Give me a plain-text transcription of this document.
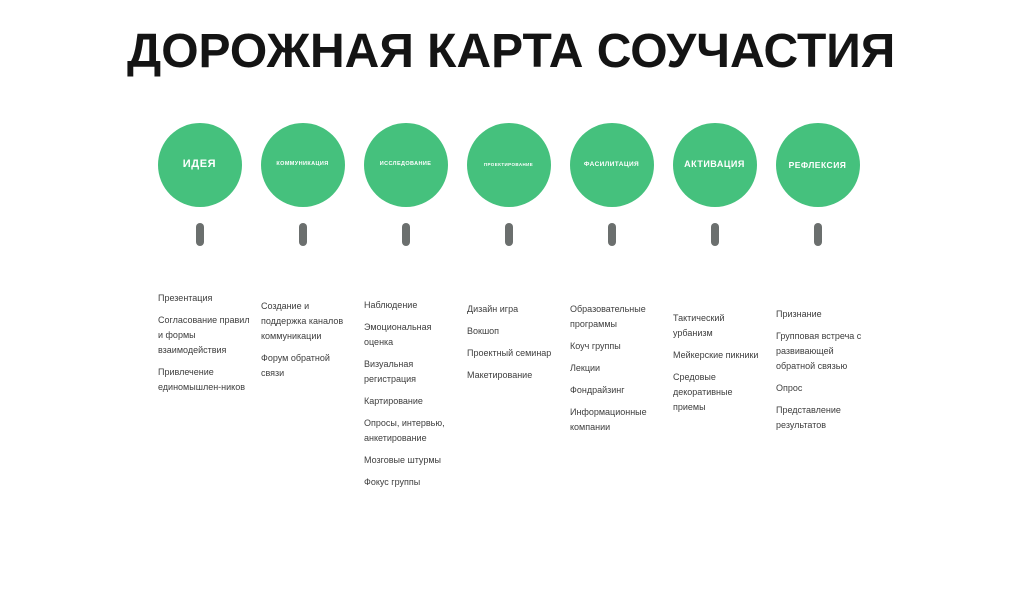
ДОРОЖНАЯ КАРТА СОУЧАСТИЯ
ИДЕЯ
Презентация
Согласование правил и формы взаимодействия
Привлечение единомышлен-ников
КОММУНИКАЦИЯ
Создание и поддержка каналов коммуникации
Форум обратной связи
ИССЛЕДОВАНИЕ
Наблюдение
Эмоциональная оценка
Визуальная регистрация
Картирование
Опросы, интервью, анкетирование
Мозговые штурмы
Фокус группы
ПРОЕКТИРОВАНИЕ
Дизайн игра
Вокшоп
Проектный семинар
Макетирование
ФАСИЛИТАЦИЯ
Образовательные программы
Коуч группы
Лекции
Фондрайзинг
Информационные компании
АКТИВАЦИЯ
Тактический урбанизм
Мейкерские пикники
Средовые декоративные приемы
РЕФЛЕКСИЯ
Признание
Групповая встреча с развивающей обратной связью
Опрос
Представление результатов
